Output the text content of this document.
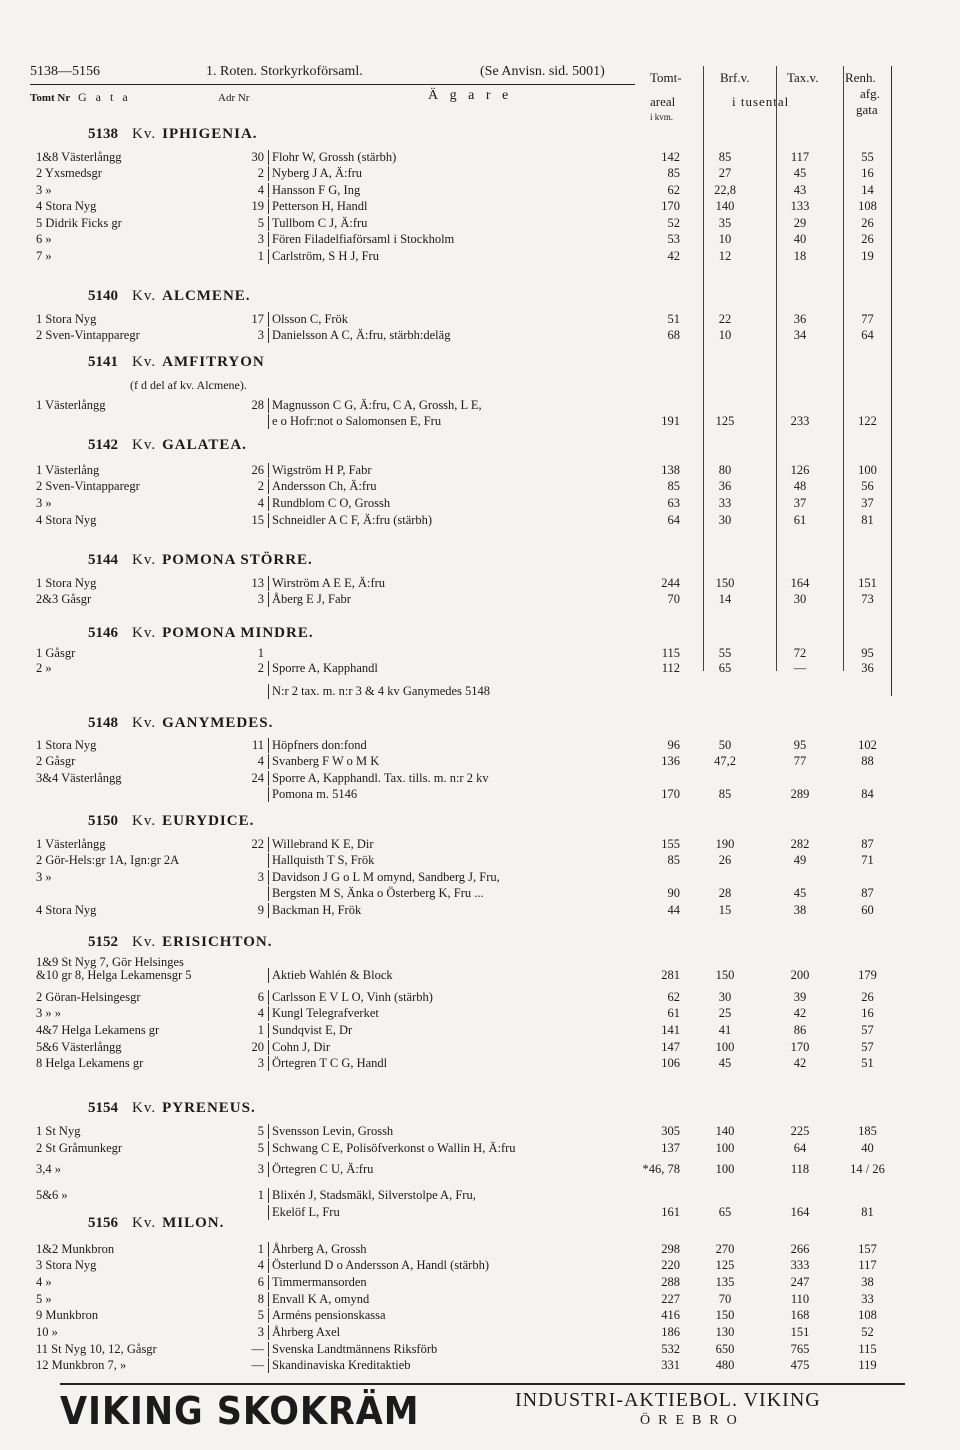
5138—5156	1. Roten. Storkyrkoförsaml.	(Se Anvisn. sid. 5001)
Tomt Nr G a t a	Adr Nr	Ä g a r e
Tomt-
areal
i kvm.
Brf.v.	Tax.v.
i tusental
Renh.
afg.
gata
5138 Kv. IPHIGENIA.
5140 Kv. ALCMENE.
5141 Kv. AMFITRYON
(f d del af kv. Alcmene).
5142 Kv. GALATEA.
5144 Kv. POMONA STÖRRE.
5146 Kv. POMONA MINDRE.
5148 Kv. GANYMEDES.
5150 Kv. EURYDICE.
5152 Kv. ERISICHTON.
5154 Kv. PYRENEUS.
5156 Kv. MILON.
1&8 Västerlångg	30 Flohr W, Grossh (stärbh)	142	85	117	55
2 Yxsmedsgr	2 Nyberg J A, Ä:fru	85	27	45	16
3 »	4 Hansson F G, Ing	62	22,8	43	14
4 Stora Nyg	19 Petterson H, Handl	170	140	133	108
5 Didrik Ficks gr	5 Tullbom C J, Ä:fru	52	35	29	26
6 »	3 Fören Filadelfiaförsaml i Stockholm	53	10	40	26
7 »	1 Carlström, S H J, Fru	42	12	18	19
1 Stora Nyg	17 Olsson C, Frök	51	22	36	77
2 Sven-Vintapparegr	3 Danielsson A C, Ä:fru, stärbh:deläg	68	10	34	64
1 Västerlångg	28 Magnusson C G, Ä:fru, C A, Grossh, L E,
e o Hofr:not o Salomonsen E, Fru	191	125	233	122
1 Västerlång	26 Wigström H P, Fabr	138	80	126	100
2 Sven-Vintapparegr	2 Andersson Ch, Ä:fru	85	36	48	56
3 »	4 Rundblom C O, Grossh	63	33	37	37
4 Stora Nyg	15 Schneidler A C F, Ä:fru (stärbh)	64	30	61	81
1 Stora Nyg	13 Wirström A E E, Ä:fru	244	150	164	151
2&3 Gåsgr	3 Åberg E J, Fabr	70	14	30	73
1 Gåsgr	1	115	55	72	95
2 »	2 Sporre A, Kapphandl	112	65	—	36
N:r 2 tax. m. n:r 3 & 4 kv Ganymedes 5148
1 Stora Nyg	11 Höpfners don:fond	96	50	95	102
2 Gåsgr	4 Svanberg F W o M K	136	47,2	77	88
3&4 Västerlångg	24 Sporre A, Kapphandl. Tax. tills. m. n:r 2 kv
Pomona m. 5146	170	85	289	84
1 Västerlångg	22 Willebrand K E, Dir	155	190	282	87
2 Gör-Hels:gr 1A, Ign:gr 2A	Hallquisth T S, Frök	85	26	49	71
3 »	3 Davidson J G o L M omynd, Sandberg J, Fru,
Bergsten M S, Änka o Österberg K, Fru ...	90	28	45	87
4 Stora Nyg	9 Backman H, Frök	44	15	38	60
1&9 St Nyg 7, Gör Helsinges
&10 gr 8, Helga Lekamensgr 5	Aktieb Wahlén & Block	281	150	200	179
2 Göran-Helsingesgr	6 Carlsson E V L O, Vinh (stärbh)	62	30	39	26
3 » »	4 Kungl Telegrafverket	61	25	42	16
4&7 Helga Lekamens gr	1 Sundqvist E, Dr	141	41	86	57
5&6 Västerlångg	20 Cohn J, Dir	147	100	170	57
8 Helga Lekamens gr	3 Örtegren T C G, Handl	106	45	42	51
1 St Nyg	5 Svensson Levin, Grossh	305	140	225	185
2 St Gråmunkegr	5 Schwang C E, Polisöfverkonst o Wallin H, Ä:fru	137	100	64	40
3,4 »	3 Örtegren C U, Ä:fru	*46, 78	100	118	14 / 26
5&6 »	1 Blixén J, Stadsmäkl, Silverstolpe A, Fru,
Ekelöf L, Fru	161	65	164	81
1&2 Munkbron	1 Åhrberg A, Grossh	298	270	266	157
3 Stora Nyg	4 Österlund D o Andersson A, Handl (stärbh)	220	125	333	117
4 »	6 Timmermansorden	288	135	247	38
5 »	8 Envall K A, omynd	227	70	110	33
9 Munkbron	5 Arméns pensionskassa	416	150	168	108
10 »	3 Åhrberg Axel	186	130	151	52
11 St Nyg 10, 12, Gåsgr	— Svenska Landtmännens Riksförb	532	650	765	115
12 Munkbron 7, »	— Skandinaviska Kreditaktieb	331	480	475	119
VIKING SKOKRÄM	INDUSTRI-AKTIEBOL. VIKING
ÖREBRO
